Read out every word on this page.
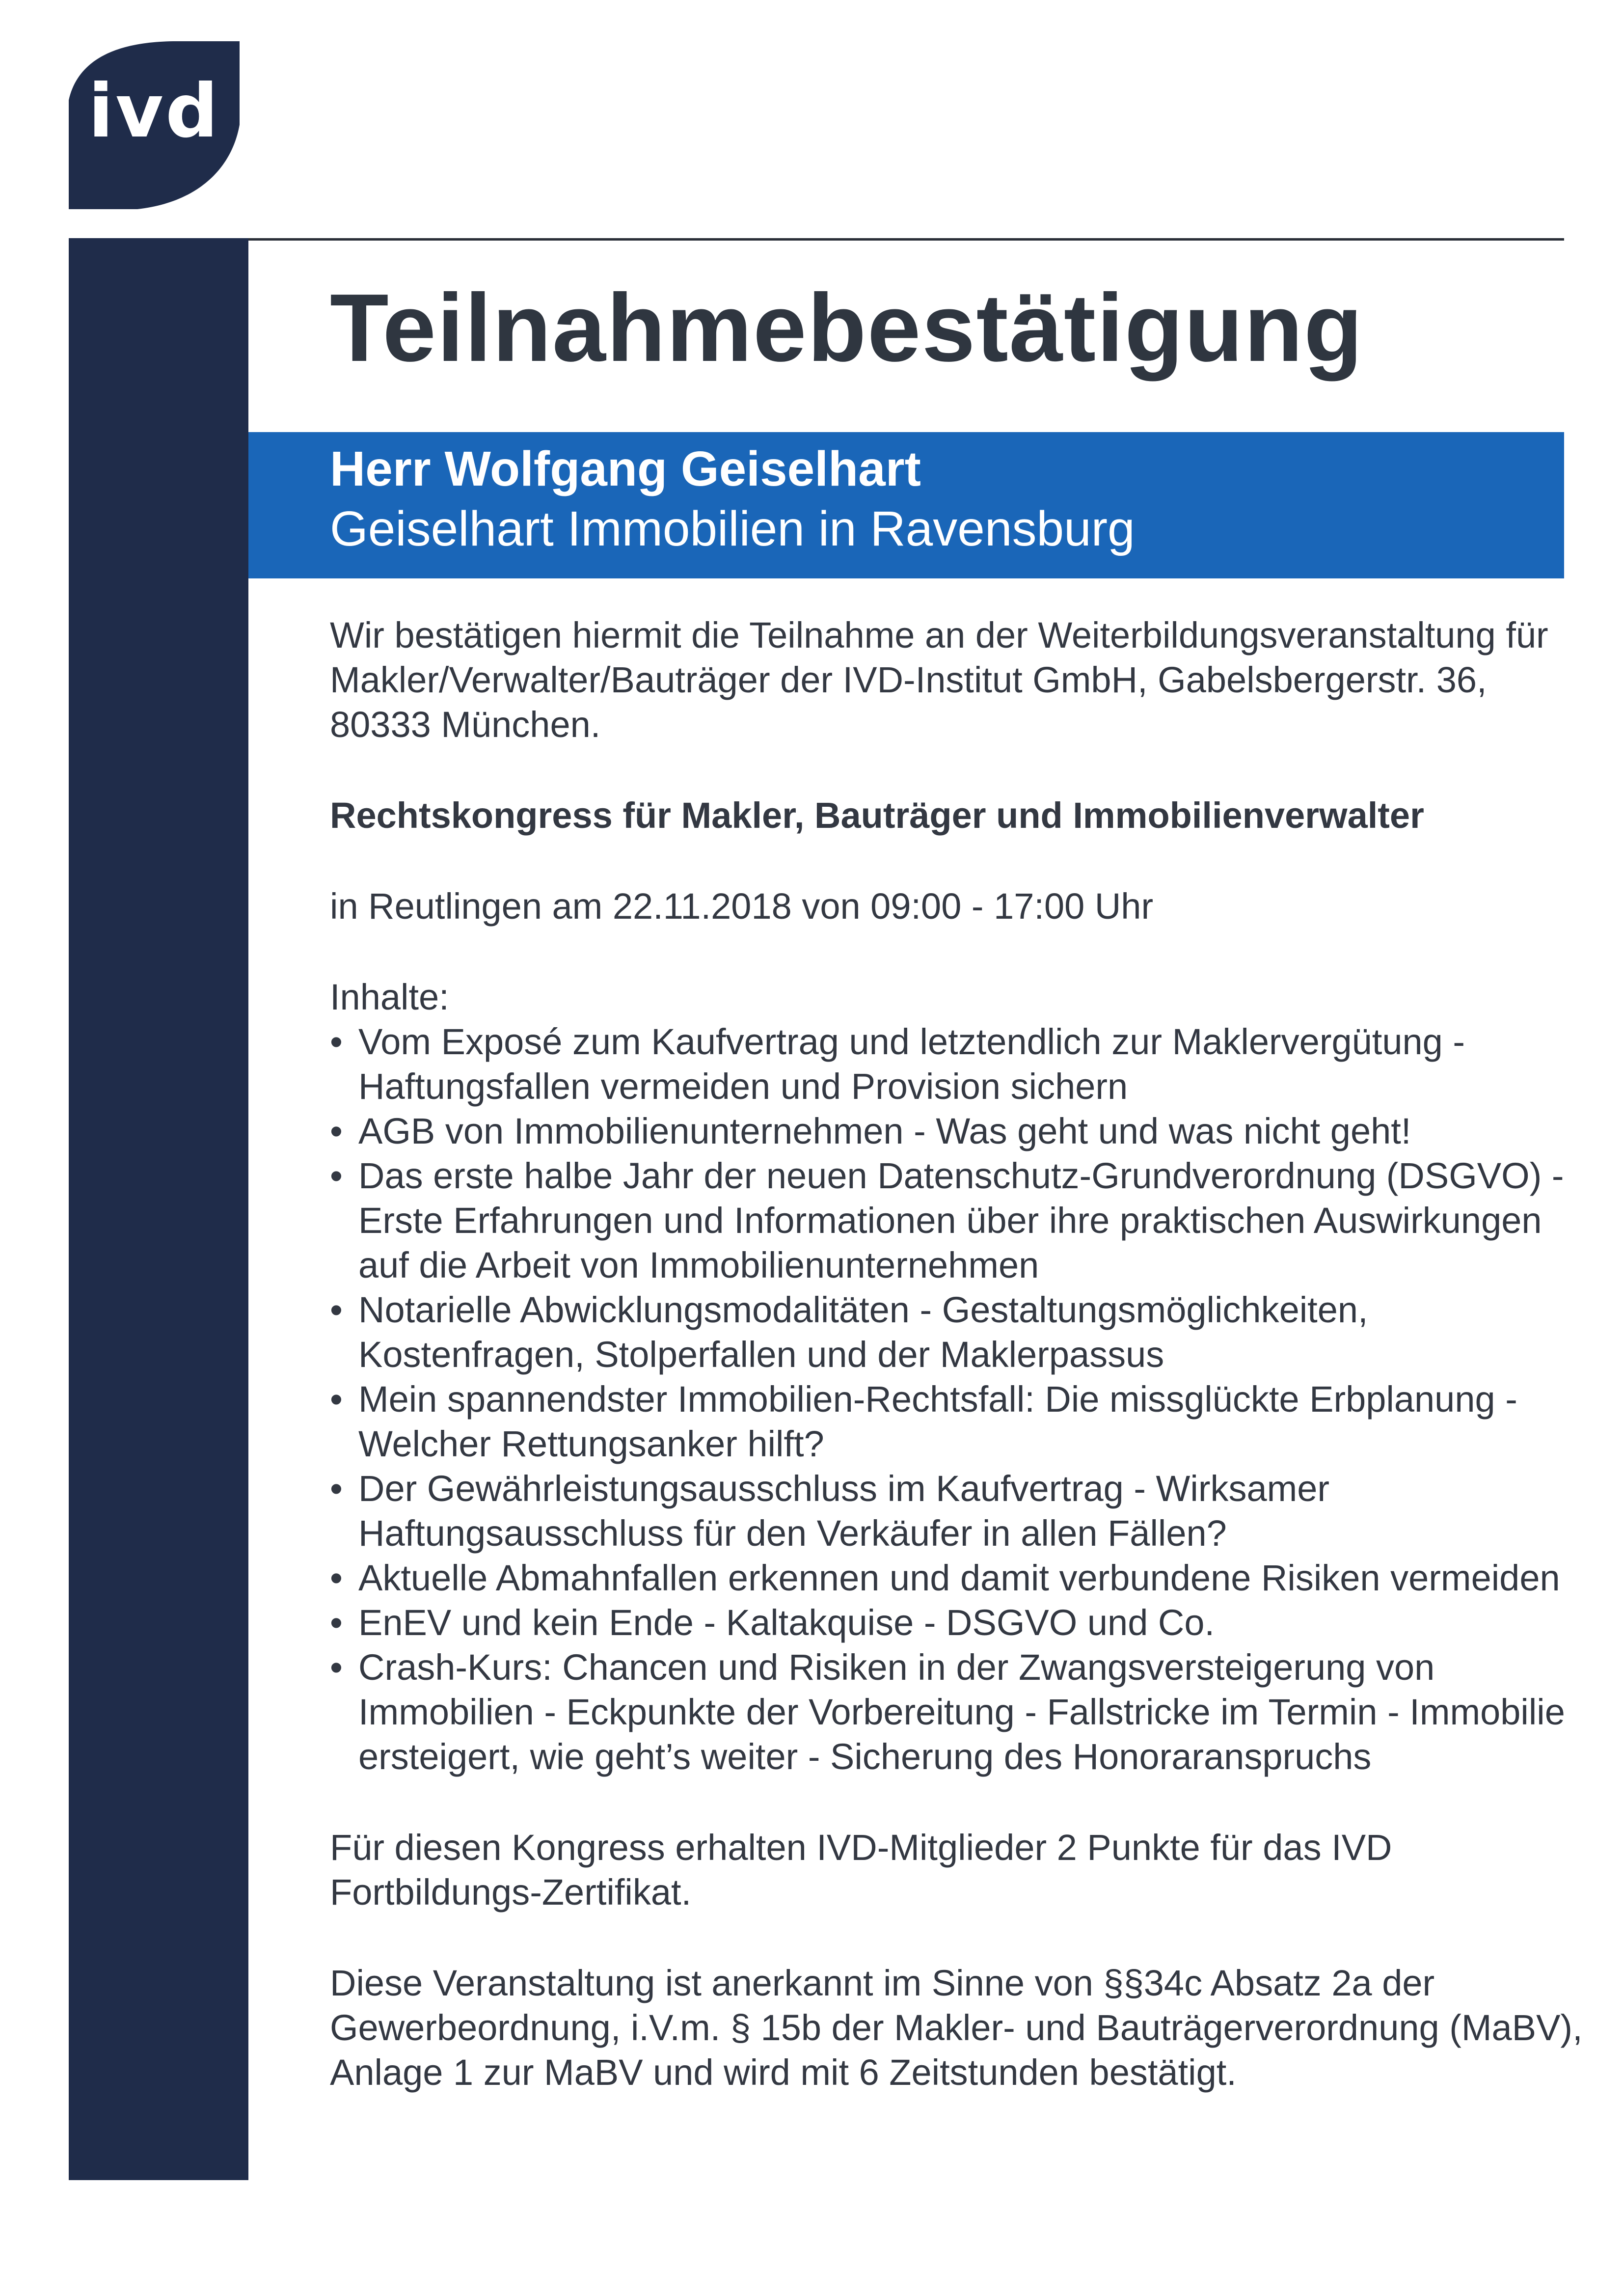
ivd
Teilnahmebestätigung
Herr Wolfgang Geiselhart
Geiselhart Immobilien in Ravensburg

Wir bestätigen hiermit die Teilnahme an der Weiterbildungsveranstaltung für Makler/Verwalter/Bauträger der IVD-Institut GmbH, Gabelsbergerstr. 36, 80333 München.

Rechtskongress für Makler, Bauträger und Immobilienverwalter

in Reutlingen am 22.11.2018 von 09:00 - 17:00 Uhr

Inhalte:

• Vom Exposé zum Kaufvertrag und letztendlich zur Maklervergütung - Haftungsfallen vermeiden und Provision sichern
• AGB von Immobilienunternehmen - Was geht und was nicht geht!
• Das erste halbe Jahr der neuen Datenschutz-Grundverordnung (DSGVO) - Erste Erfahrungen und Informationen über ihre praktischen Auswirkungen auf die Arbeit von Immobilienunternehmen
• Notarielle Abwicklungsmodalitäten - Gestaltungsmöglichkeiten, Kostenfragen, Stolperfallen und der Maklerpassus
• Mein spannendster Immobilien-Rechtsfall: Die missglückte Erbplanung - Welcher Rettungsanker hilft?
• Der Gewährleistungsausschluss im Kaufvertrag - Wirksamer Haftungsausschluss für den Verkäufer in allen Fällen?
• Aktuelle Abmahnfallen erkennen und damit verbundene Risiken vermeiden
• EnEV und kein Ende - Kaltakquise - DSGVO und Co.
• Crash-Kurs: Chancen und Risiken in der Zwangsversteigerung von Immobilien - Eckpunkte der Vorbereitung - Fallstricke im Termin - Immobilie ersteigert, wie geht’s weiter - Sicherung des Honoraranspruchs

Für diesen Kongress erhalten IVD-Mitglieder 2 Punkte für das IVD Fortbildungs-Zertifikat.

Diese Veranstaltung ist anerkannt im Sinne von §§34c Absatz 2a der Gewerbeordnung, i.V.m. § 15b der Makler- und Bauträgerverordnung (MaBV), Anlage 1 zur MaBV und wird mit 6 Zeitstunden bestätigt.
